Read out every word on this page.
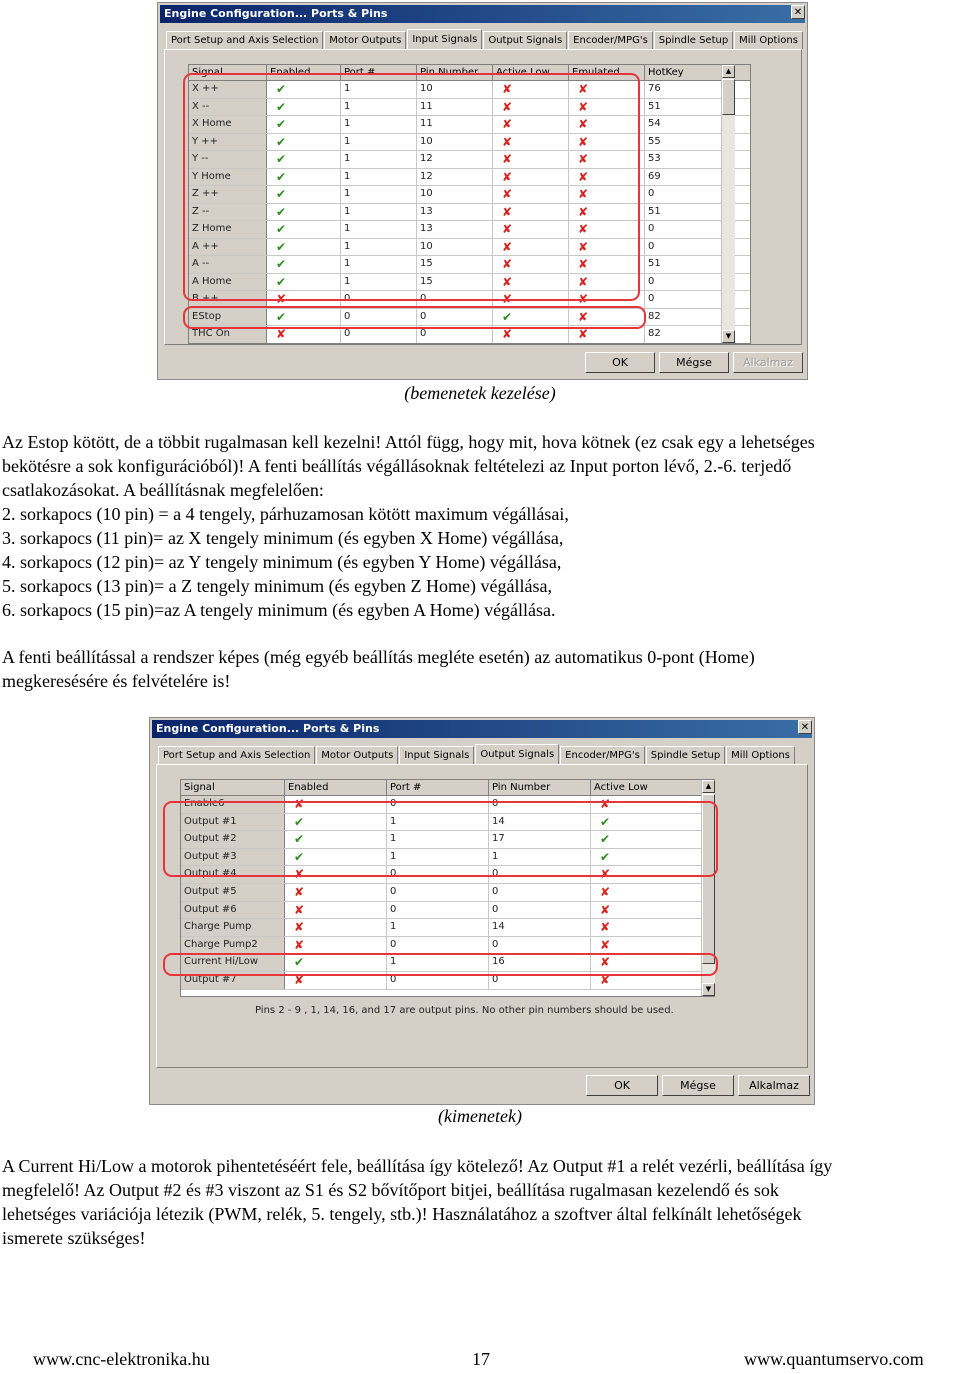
Engine Configuration... Ports & Pins	✕
Port Setup and Axis Selection	Motor Outputs	Input Signals	Output Signals	Encoder/MPG's	Spindle Setup	Mill Options
Signal	Enabled	Port #	Pin Number	Active Low	Emulated	HotKey
X ++	✔	1	10	✘	✘	76
X --	✔	1	11	✘	✘	51
X Home	✔	1	11	✘	✘	54
Y ++	✔	1	10	✘	✘	55
Y --	✔	1	12	✘	✘	53
Y Home	✔	1	12	✘	✘	69
Z ++	✔	1	10	✘	✘	0
Z --	✔	1	13	✘	✘	51
Z Home	✔	1	13	✘	✘	0
A ++	✔	1	10	✘	✘	0
A --	✔	1	15	✘	✘	51
A Home	✔	1	15	✘	✘	0
B ++	✘	0	0	✘	✘	0
EStop	✔	0	0	✔	✘	82
THC On	✘	0	0	✘	✘	82
▲
▼
OK	Mégse	Alkalmaz
(bemenetek kezelése)

Az Estop kötött, de a többit rugalmasan kell kezelni! Attól függ, hogy mit, hova kötnek (ez csak egy a lehetséges

bekötésre a sok konfigurációból)! A fenti beállítás végállásoknak feltételezi az Input porton lévő, 2.-6. terjedő

csatlakozásokat. A beállításnak megfelelően:

2. sorkapocs (10 pin) = a 4 tengely, párhuzamosan kötött maximum végállásai,

3. sorkapocs (11 pin)= az X tengely minimum (és egyben X Home) végállása,

4. sorkapocs (12 pin)= az Y tengely minimum (és egyben Y Home) végállása,

5. sorkapocs (13 pin)= a Z tengely minimum (és egyben Z Home) végállása,

6. sorkapocs (15 pin)=az A tengely minimum (és egyben A Home) végállása.

A fenti beállítással a rendszer képes (még egyéb beállítás megléte esetén) az automatikus 0-pont (Home)

megkeresésére és felvételére is!

Engine Configuration... Ports & Pins	✕
Port Setup and Axis Selection	Motor Outputs	Input Signals	Output Signals	Encoder/MPG's	Spindle Setup	Mill Options
Signal	Enabled	Port #	Pin Number	Active Low
Enable6	✘	0	0	✘
Output #1	✔	1	14	✔
Output #2	✔	1	17	✔
Output #3	✔	1	1	✔
Output #4	✘	0	0	✘
Output #5	✘	0	0	✘
Output #6	✘	0	0	✘
Charge Pump	✘	1	14	✘
Charge Pump2	✘	0	0	✘
Current Hi/Low	✔	1	16	✘
Output #7	✘	0	0	✘
▲
▼
Pins 2 - 9 , 1, 14, 16, and 17 are output pins. No other pin numbers should be used.
OK	Mégse	Alkalmaz
(kimenetek)

A Current Hi/Low a motorok pihentetéséért fele, beállítása így kötelező! Az Output #1 a relét vezérli, beállítása így

megfelelő! Az Output #2 és #3 viszont az S1 és S2 bővítőport bitjei, beállítása rugalmasan kezelendő és sok

lehetséges variációja létezik (PWM, relék, 5. tengely, stb.)! Használatához a szoftver által felkínált lehetőségek

ismerete szükséges!

www.cnc-elektronika.hu	17	www.quantumservo.com
